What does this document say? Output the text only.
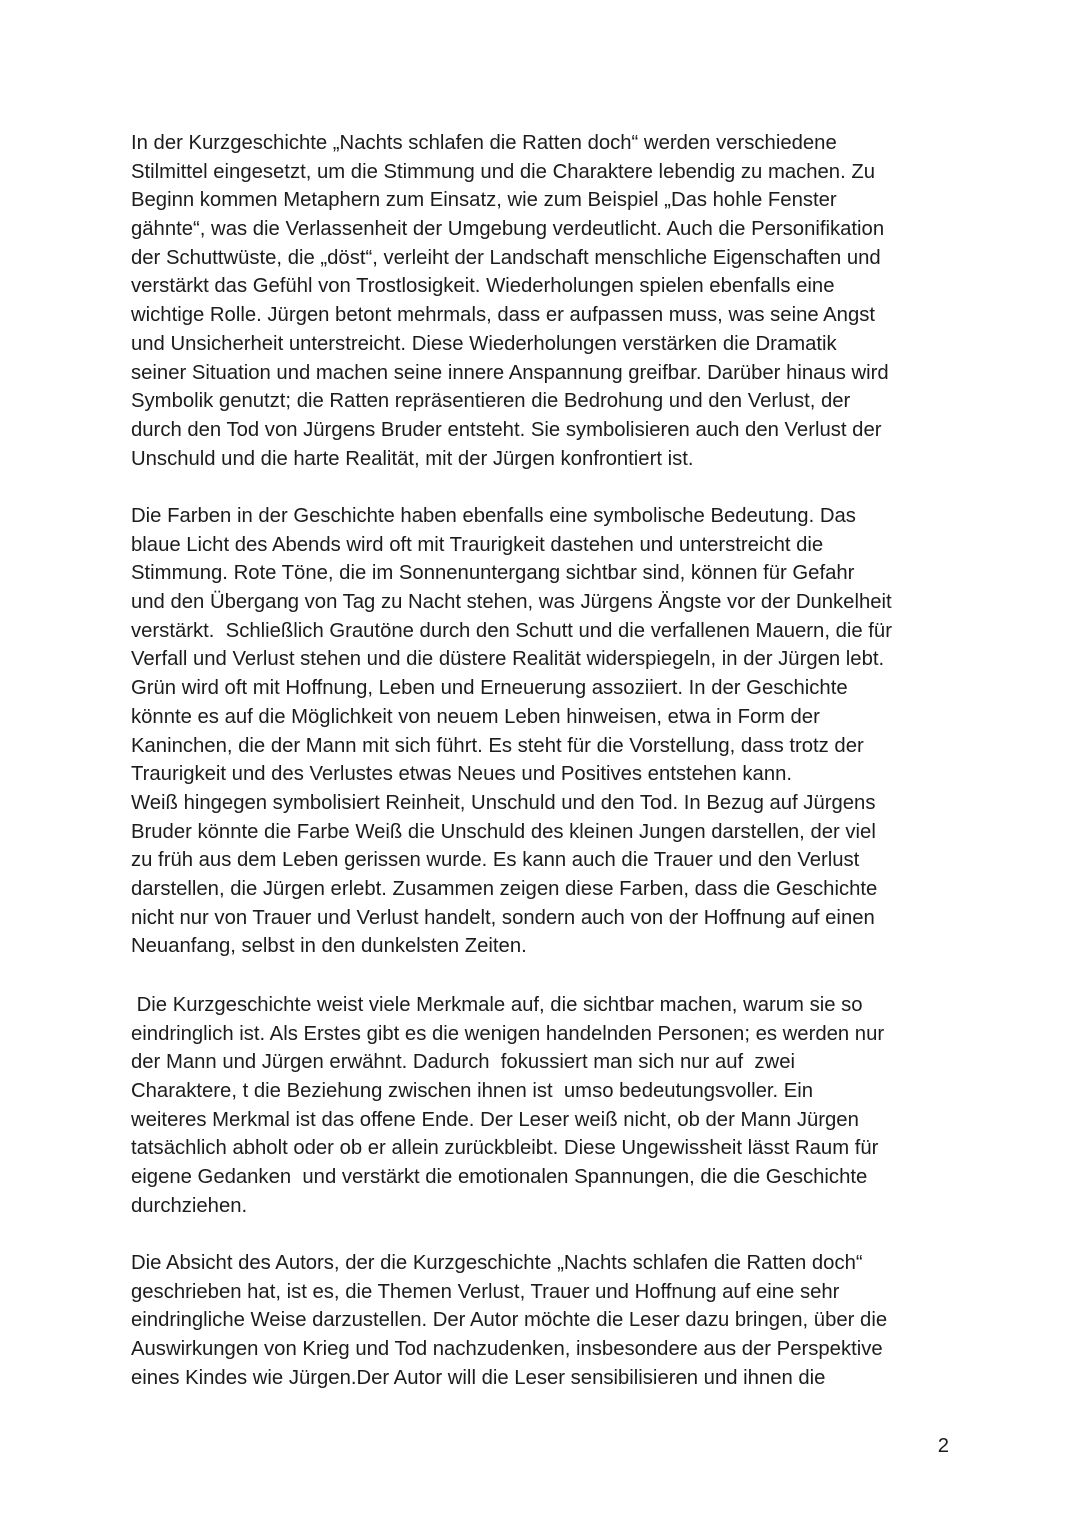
In der Kurzgeschichte „Nachts schlafen die Ratten doch“ werden verschiedene
Stilmittel eingesetzt, um die Stimmung und die Charaktere lebendig zu machen. Zu
Beginn kommen Metaphern zum Einsatz, wie zum Beispiel „Das hohle Fenster
gähnte“, was die Verlassenheit der Umgebung verdeutlicht. Auch die Personifikation
der Schuttwüste, die „döst“, verleiht der Landschaft menschliche Eigenschaften und
verstärkt das Gefühl von Trostlosigkeit. Wiederholungen spielen ebenfalls eine
wichtige Rolle. Jürgen betont mehrmals, dass er aufpassen muss, was seine Angst
und Unsicherheit unterstreicht. Diese Wiederholungen verstärken die Dramatik
seiner Situation und machen seine innere Anspannung greifbar. Darüber hinaus wird
Symbolik genutzt; die Ratten repräsentieren die Bedrohung und den Verlust, der
durch den Tod von Jürgens Bruder entsteht. Sie symbolisieren auch den Verlust der
Unschuld und die harte Realität, mit der Jürgen konfrontiert ist.
Die Farben in der Geschichte haben ebenfalls eine symbolische Bedeutung. Das
blaue Licht des Abends wird oft mit Traurigkeit dastehen und unterstreicht die
Stimmung. Rote Töne, die im Sonnenuntergang sichtbar sind, können für Gefahr
und den Übergang von Tag zu Nacht stehen, was Jürgens Ängste vor der Dunkelheit
verstärkt.  Schließlich Grautöne durch den Schutt und die verfallenen Mauern, die für
Verfall und Verlust stehen und die düstere Realität widerspiegeln, in der Jürgen lebt.
Grün wird oft mit Hoffnung, Leben und Erneuerung assoziiert. In der Geschichte
könnte es auf die Möglichkeit von neuem Leben hinweisen, etwa in Form der
Kaninchen, die der Mann mit sich führt. Es steht für die Vorstellung, dass trotz der
Traurigkeit und des Verlustes etwas Neues und Positives entstehen kann.
Weiß hingegen symbolisiert Reinheit, Unschuld und den Tod. In Bezug auf Jürgens
Bruder könnte die Farbe Weiß die Unschuld des kleinen Jungen darstellen, der viel
zu früh aus dem Leben gerissen wurde. Es kann auch die Trauer und den Verlust
darstellen, die Jürgen erlebt. Zusammen zeigen diese Farben, dass die Geschichte
nicht nur von Trauer und Verlust handelt, sondern auch von der Hoffnung auf einen
Neuanfang, selbst in den dunkelsten Zeiten.
Die Kurzgeschichte weist viele Merkmale auf, die sichtbar machen, warum sie so
eindringlich ist. Als Erstes gibt es die wenigen handelnden Personen; es werden nur
der Mann und Jürgen erwähnt. Dadurch  fokussiert man sich nur auf  zwei
Charaktere, t die Beziehung zwischen ihnen ist  umso bedeutungsvoller. Ein
weiteres Merkmal ist das offene Ende. Der Leser weiß nicht, ob der Mann Jürgen
tatsächlich abholt oder ob er allein zurückbleibt. Diese Ungewissheit lässt Raum für
eigene Gedanken  und verstärkt die emotionalen Spannungen, die die Geschichte
durchziehen.
Die Absicht des Autors, der die Kurzgeschichte „Nachts schlafen die Ratten doch“
geschrieben hat, ist es, die Themen Verlust, Trauer und Hoffnung auf eine sehr
eindringliche Weise darzustellen. Der Autor möchte die Leser dazu bringen, über die
Auswirkungen von Krieg und Tod nachzudenken, insbesondere aus der Perspektive
eines Kindes wie Jürgen.Der Autor will die Leser sensibilisieren und ihnen die
2
